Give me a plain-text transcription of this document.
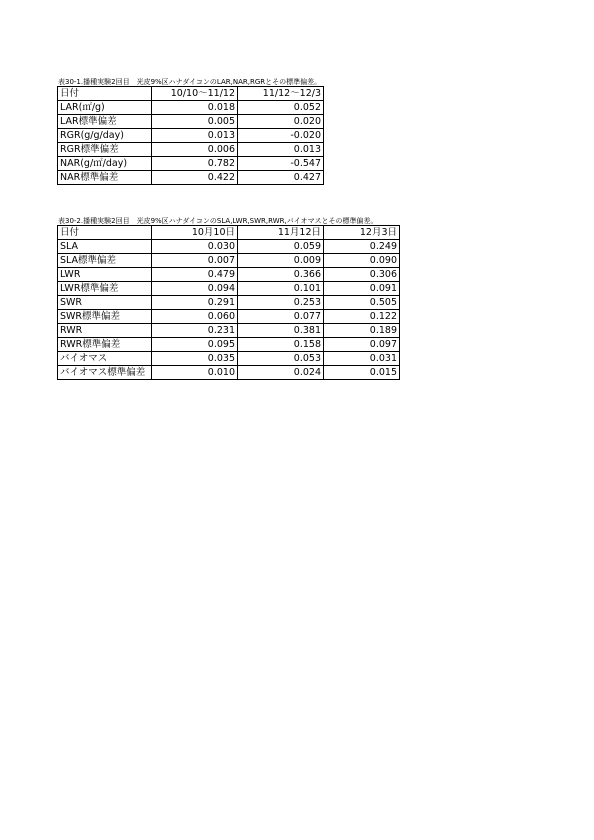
表30-1.播種実験2回目　光皮9%区ハナダイコンのLAR,NAR,RGRとその標準偏差。
日付	10/10～11/12	11/12～12/3
LAR(㎡/g)	0.018	0.052
LAR標準偏差	0.005	0.020
RGR(g/g/day)	0.013	-0.020
RGR標準偏差	0.006	0.013
NAR(g/㎡/day)	0.782	-0.547
NAR標準偏差	0.422	0.427
表30-2.播種実験2回目　光皮9%区ハナダイコンのSLA,LWR,SWR,RWR,バイオマスとその標準偏差。
日付	10月10日	11月12日	12月3日
SLA	0.030	0.059	0.249
SLA標準偏差	0.007	0.009	0.090
LWR	0.479	0.366	0.306
LWR標準偏差	0.094	0.101	0.091
SWR	0.291	0.253	0.505
SWR標準偏差	0.060	0.077	0.122
RWR	0.231	0.381	0.189
RWR標準偏差	0.095	0.158	0.097
バイオマス	0.035	0.053	0.031
バイオマス標準偏差	0.010	0.024	0.015
